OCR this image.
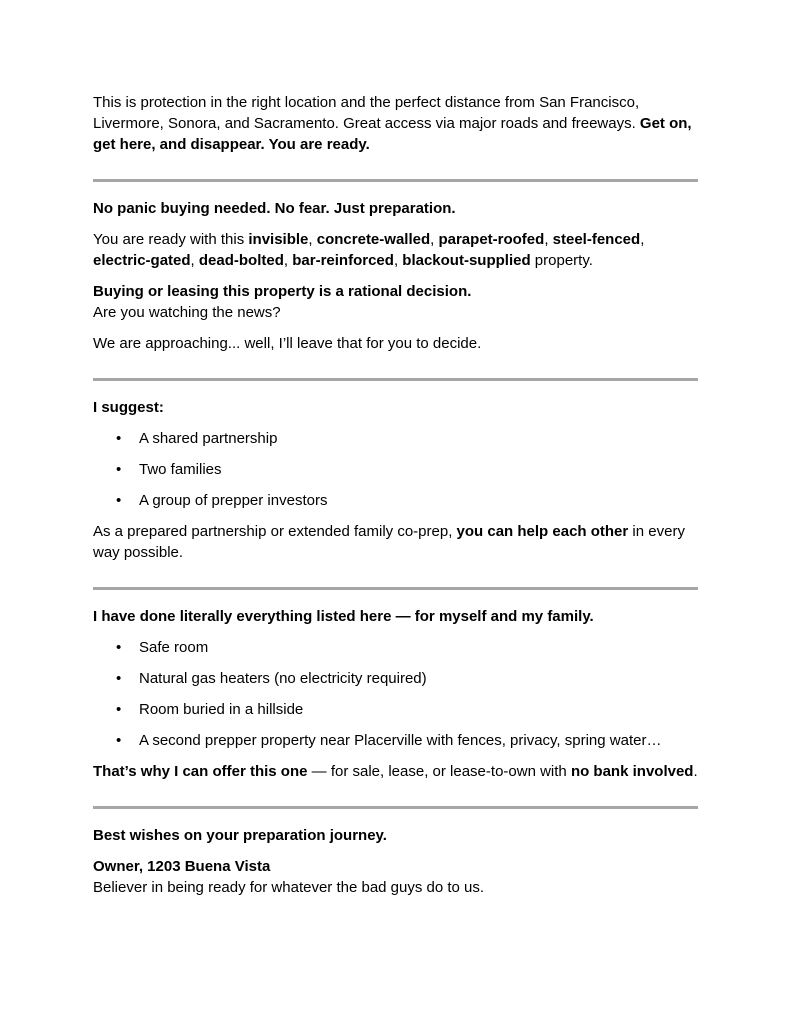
This is protection in the right location and the perfect distance from San Francisco, Livermore, Sonora, and Sacramento. Great access via major roads and freeways. Get on, get here, and disappear. You are ready.

No panic buying needed. No fear. Just preparation.

You are ready with this invisible, concrete-walled, parapet-roofed, steel-fenced, electric-gated, dead-bolted, bar-reinforced, blackout-supplied property.

Buying or leasing this property is a rational decision.
Are you watching the news?

We are approaching... well, I’ll leave that for you to decide.

I suggest:

• A shared partnership
• Two families
• A group of prepper investors

As a prepared partnership or extended family co-prep, you can help each other in every way possible.

I have done literally everything listed here — for myself and my family.

• Safe room
• Natural gas heaters (no electricity required)
• Room buried in a hillside
• A second prepper property near Placerville with fences, privacy, spring water…

That’s why I can offer this one — for sale, lease, or lease-to-own with no bank involved.

Best wishes on your preparation journey.

Owner, 1203 Buena Vista
Believer in being ready for whatever the bad guys do to us.
